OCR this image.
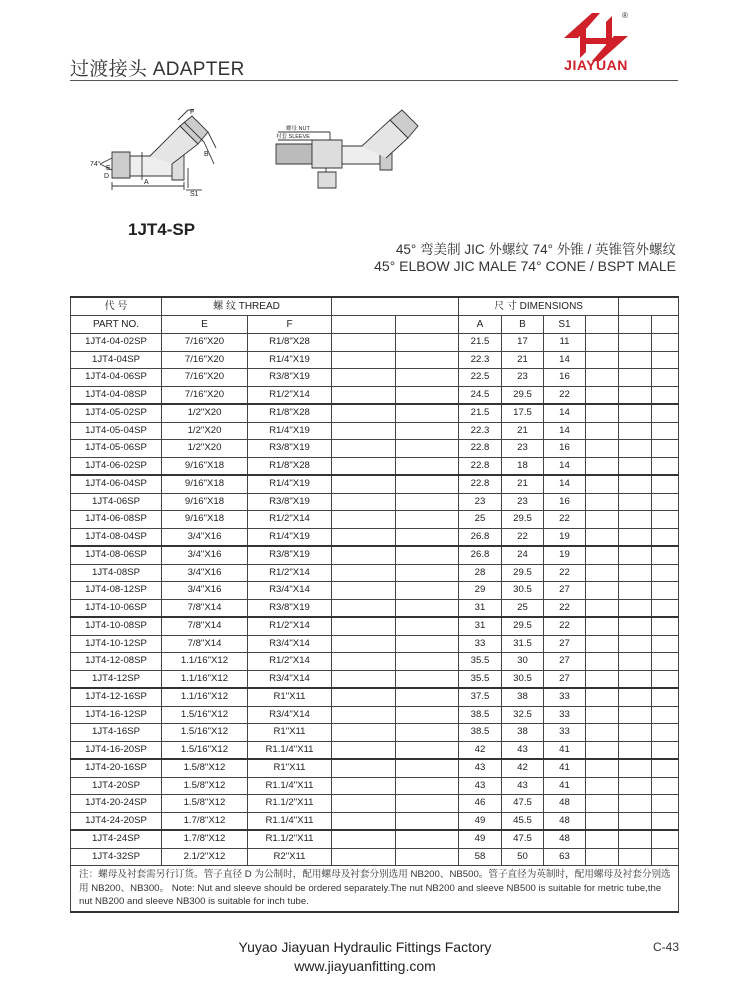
过渡接头 ADAPTER
®
JIAYUAN
F
74°
E
D
A
B
S1
螺母 NUT
衬套 SLEEVE
1JT4-SP
45° 弯美制 JIC 外螺纹 74° 外锥 / 英锥管外螺纹
45° ELBOW JIC MALE 74° CONE / BSPT MALE
代 号	螺 纹 THREAD				尺 寸 DIMENSIONS					
PART NO.	E	F			A	B	S1			
1JT4-04-02SP	7/16"X20	R1/8"X28			21.5	17	11			
1JT4-04SP	7/16"X20	R1/4"X19			22.3	21	14			
1JT4-04-06SP	7/16"X20	R3/8"X19			22.5	23	16			
1JT4-04-08SP	7/16"X20	R1/2"X14			24.5	29.5	22			
1JT4-05-02SP	1/2"X20	R1/8"X28			21.5	17.5	14			
1JT4-05-04SP	1/2"X20	R1/4"X19			22.3	21	14			
1JT4-05-06SP	1/2"X20	R3/8"X19			22.8	23	16			
1JT4-06-02SP	9/16"X18	R1/8"X28			22.8	18	14			
1JT4-06-04SP	9/16"X18	R1/4"X19			22.8	21	14			
1JT4-06SP	9/16"X18	R3/8"X19			23	23	16			
1JT4-06-08SP	9/16"X18	R1/2"X14			25	29.5	22			
1JT4-08-04SP	3/4"X16	R1/4"X19			26.8	22	19			
1JT4-08-06SP	3/4"X16	R3/8"X19			26.8	24	19			
1JT4-08SP	3/4"X16	R1/2"X14			28	29.5	22			
1JT4-08-12SP	3/4"X16	R3/4"X14			29	30.5	27			
1JT4-10-06SP	7/8"X14	R3/8"X19			31	25	22			
1JT4-10-08SP	7/8"X14	R1/2"X14			31	29.5	22			
1JT4-10-12SP	7/8"X14	R3/4"X14			33	31.5	27			
1JT4-12-08SP	1.1/16"X12	R1/2"X14			35.5	30	27			
1JT4-12SP	1.1/16"X12	R3/4"X14			35.5	30.5	27			
1JT4-12-16SP	1.1/16"X12	R1"X11			37.5	38	33			
1JT4-16-12SP	1.5/16"X12	R3/4"X14			38.5	32.5	33			
1JT4-16SP	1.5/16"X12	R1"X11			38.5	38	33			
1JT4-16-20SP	1.5/16"X12	R1.1/4"X11			42	43	41			
1JT4-20-16SP	1.5/8"X12	R1"X11			43	42	41			
1JT4-20SP	1.5/8"X12	R1.1/4"X11			43	43	41			
1JT4-20-24SP	1.5/8"X12	R1.1/2"X11			46	47.5	48			
1JT4-24-20SP	1.7/8"X12	R1.1/4"X11			49	45.5	48			
1JT4-24SP	1.7/8"X12	R1.1/2"X11			49	47.5	48			
1JT4-32SP	2.1/2"X12	R2"X11			58	50	63			
注：螺母及衬套需另行订货。管子直径 D 为公制时，配用螺母及衬套分别选用 NB200、NB500。管子直径为英制时，配用螺母及衬套分别选用 NB200、NB300。 Note: Nut and sleeve should be ordered separately.The nut NB200 and sleeve NB500 is suitable for metric tube,the nut NB200 and sleeve NB300 is suitable for inch tube.										
Yuyao Jiayuan Hydraulic Fittings Factory
www.jiayuanfitting.com
C-43
